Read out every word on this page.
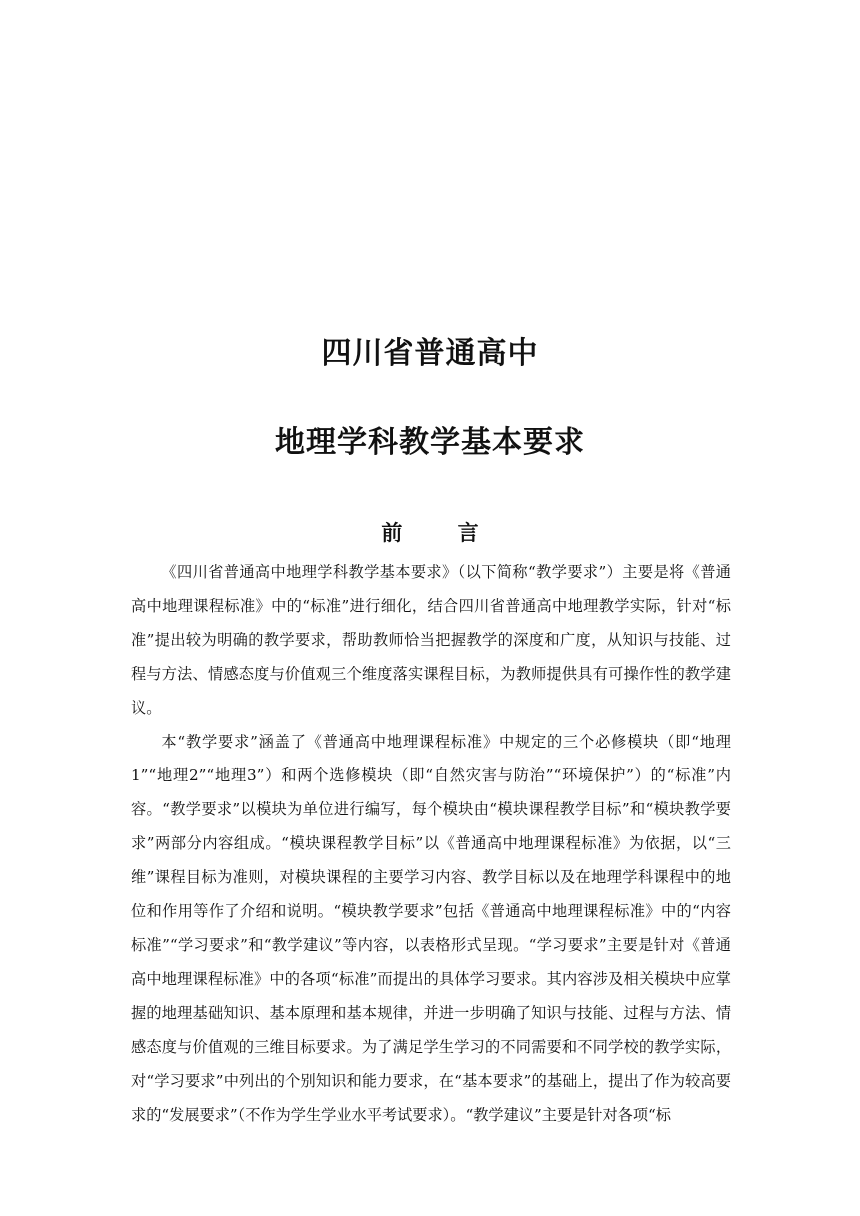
四川省普通高中
地理学科教学基本要求
前 言

《四川省普通高中地理学科教学基本要求》（以下简称“教学要求”）主要是将《普通高中地理课程标准》中的“标准”进行细化，结合四川省普通高中地理教学实际，针对“标准”提出较为明确的教学要求，帮助教师恰当把握教学的深度和广度，从知识与技能、过程与方法、情感态度与价值观三个维度落实课程目标，为教师提供具有可操作性的教学建议。

本“教学要求”涵盖了《普通高中地理课程标准》中规定的三个必修模块（即“地理1”“地理2”“地理3”）和两个选修模块（即“自然灾害与防治”“环境保护”）的“标准”内容。“教学要求”以模块为单位进行编写，每个模块由“模块课程教学目标”和“模块教学要求”两部分内容组成。“模块课程教学目标”以《普通高中地理课程标准》为依据，以“三维”课程目标为准则，对模块课程的主要学习内容、教学目标以及在地理学科课程中的地位和作用等作了介绍和说明。“模块教学要求”包括《普通高中地理课程标准》中的“内容标准”“学习要求”和“教学建议”等内容，以表格形式呈现。“学习要求”主要是针对《普通高中地理课程标准》中的各项“标准”而提出的具体学习要求。其内容涉及相关模块中应掌握的地理基础知识、基本原理和基本规律，并进一步明确了知识与技能、过程与方法、情感态度与价值观的三维目标要求。为了满足学生学习的不同需要和不同学校的教学实际，对“学习要求”中列出的个别知识和能力要求，在“基本要求”的基础上，提出了作为较高要求的“发展要求”（不作为学生学业水平考试要求）。“教学建议”主要是针对各项“标
